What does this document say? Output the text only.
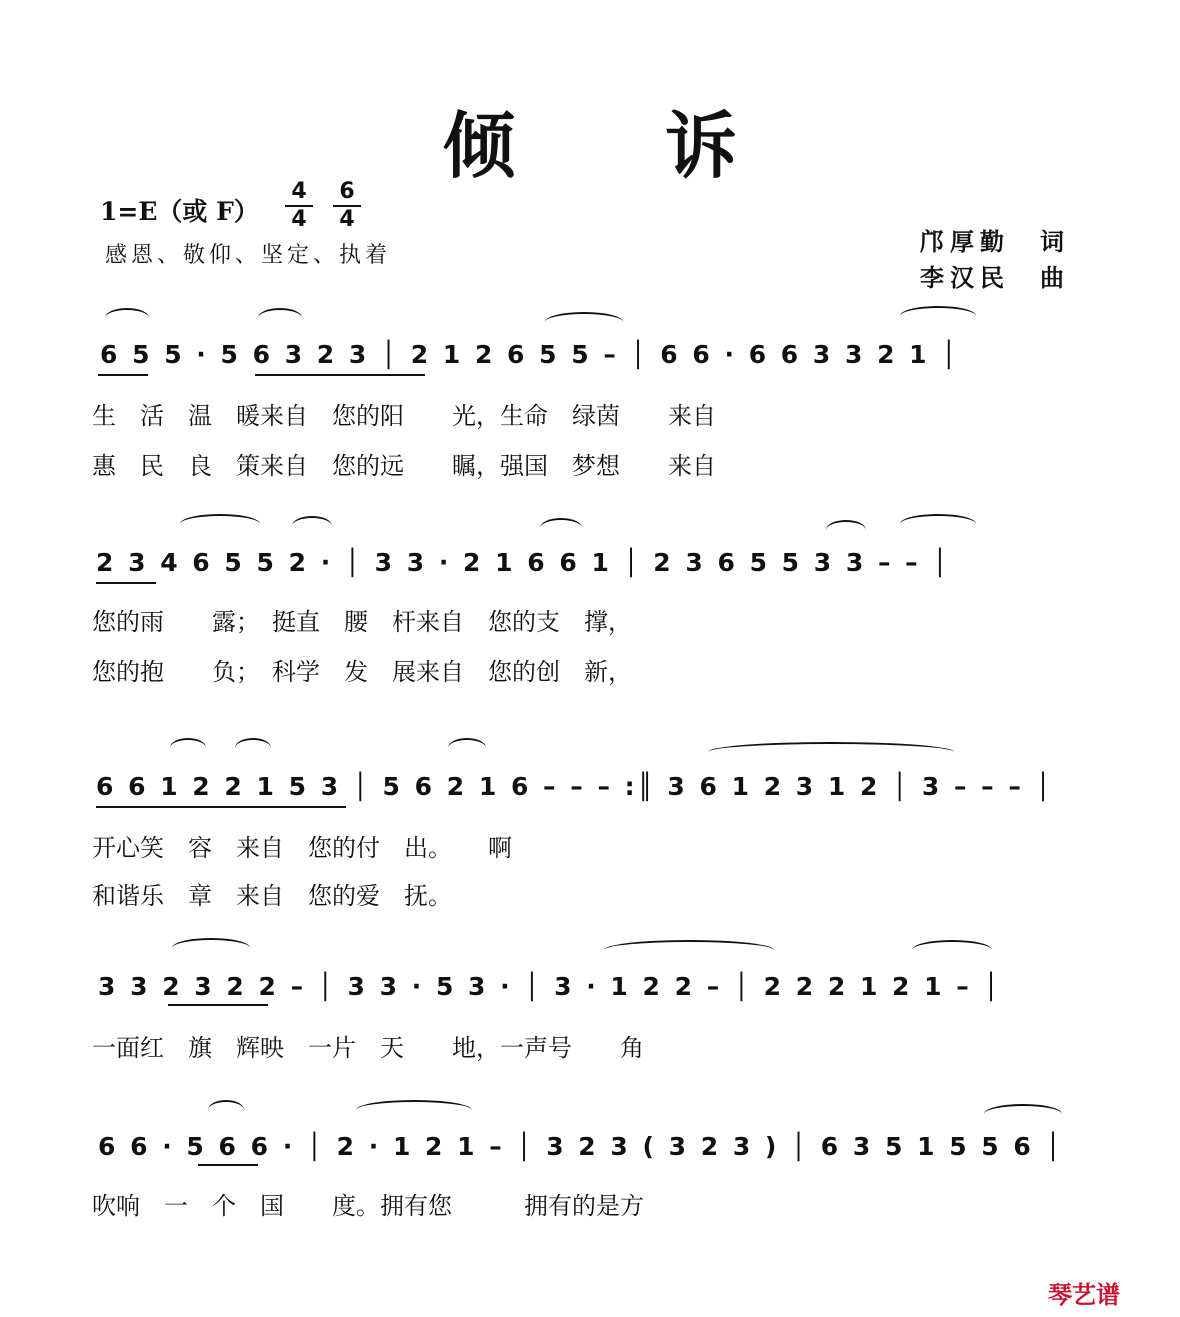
倾诉
1=E（或 F）
4
4
6
4
感恩、敬仰、坚定、执着	邝厚勤　词
李汉民　曲
6 5 5 · 5 6 3 2 3 │ 2 1 2 6 5 5 – │ 6 6 · 6 6 3 3 2 1 │
生　活　温　暖来自　您的阳　　光，生命　绿茵　　来自
惠　民　良　策来自　您的远　　瞩，强国　梦想　　来自
2 3 4 6 5 5 2 · │ 3 3 · 2 1 6 6 1 │ 2 3 6 5 5 3 3 – – │
您的雨　　露；　挺直　腰　杆来自　您的支　撑，
您的抱　　负；　科学　发　展来自　您的创　新，
6 6 1 2 2 1 5 3 │ 5 6 2 1 6 – – – :║ 3 6 1 2 3 1 2 │ 3 – – – │
开心笑　容　来自　您的付　出。　　啊
和谐乐　章　来自　您的爱　抚。
3 3 2 3 2 2 – │ 3 3 · 5 3 · │ 3 · 1 2 2 – │ 2 2 2 1 2 1 – │
一面红　旗　辉映　一片　天　　地，一声号　　角
6 6 · 5 6 6 · │ 2 · 1 2 1 – │ 3 2 3 ( 3 2 3 ) │ 6 3 5 1 5 5 6 │
吹响　一　个　国　　度。拥有您　　　拥有的是方
琴艺谱
